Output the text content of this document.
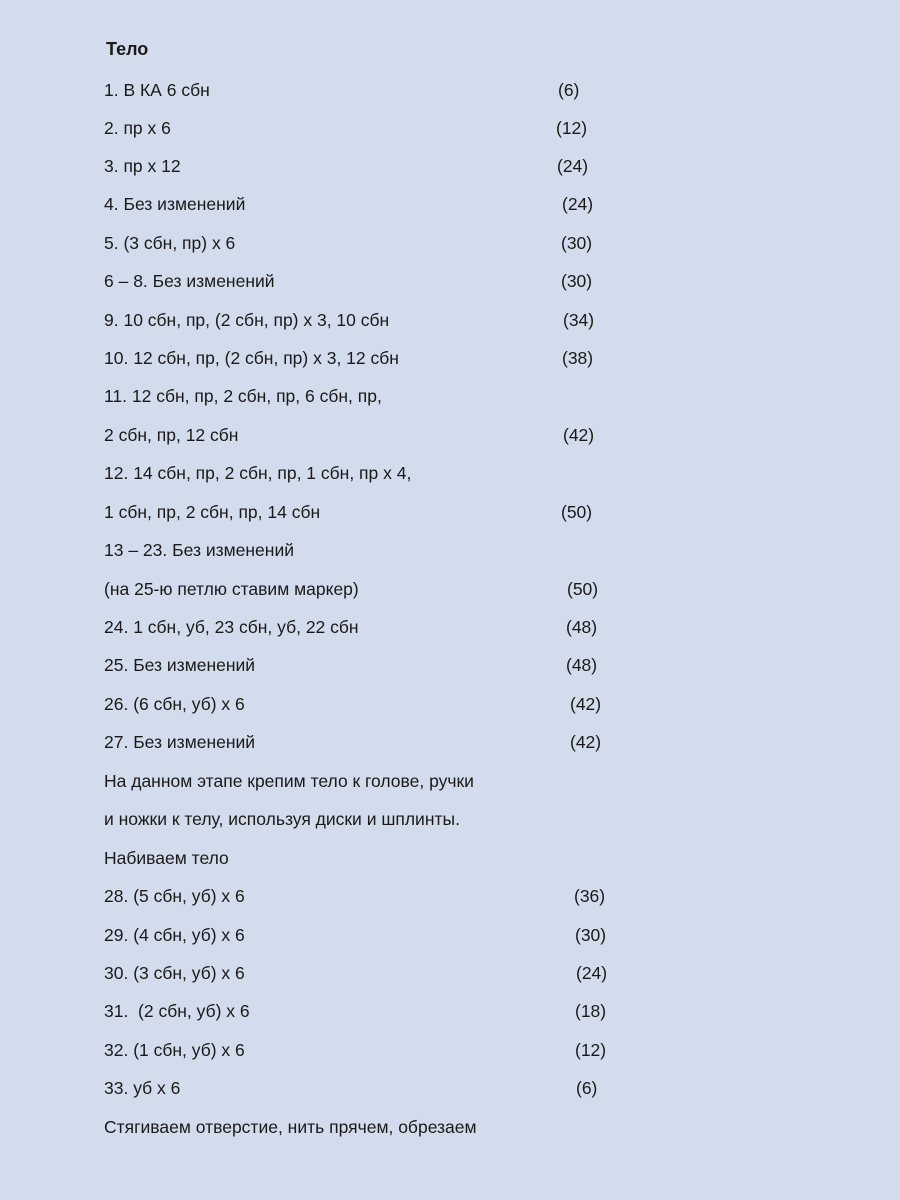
Тело
1. В КА 6 сбн	(6)
2. пр х 6	(12)
3. пр х 12	(24)
4. Без изменений	(24)
5. (3 сбн, пр) х 6	(30)
6 – 8. Без изменений	(30)
9. 10 сбн, пр, (2 сбн, пр) х 3, 10 сбн	(34)
10. 12 сбн, пр, (2 сбн, пр) х 3, 12 сбн	(38)
11. 12 сбн, пр, 2 сбн, пр, 6 сбн, пр,
2 сбн, пр, 12 сбн	(42)
12. 14 сбн, пр, 2 сбн, пр, 1 сбн, пр х 4,
1 сбн, пр, 2 сбн, пр, 14 сбн	(50)
13 – 23. Без изменений
(на 25-ю петлю ставим маркер)	(50)
24. 1 сбн, уб, 23 сбн, уб, 22 сбн	(48)
25. Без изменений	(48)
26. (6 сбн, уб) х 6	(42)
27. Без изменений	(42)
На данном этапе крепим тело к голове, ручки
и ножки к телу, используя диски и шплинты.
Набиваем тело
28. (5 сбн, уб) х 6	(36)
29. (4 сбн, уб) х 6	(30)
30. (3 сбн, уб) х 6	(24)
31.  (2 сбн, уб) х 6	(18)
32. (1 сбн, уб) х 6	(12)
33. уб х 6	(6)
Стягиваем отверстие, нить прячем, обрезаем
